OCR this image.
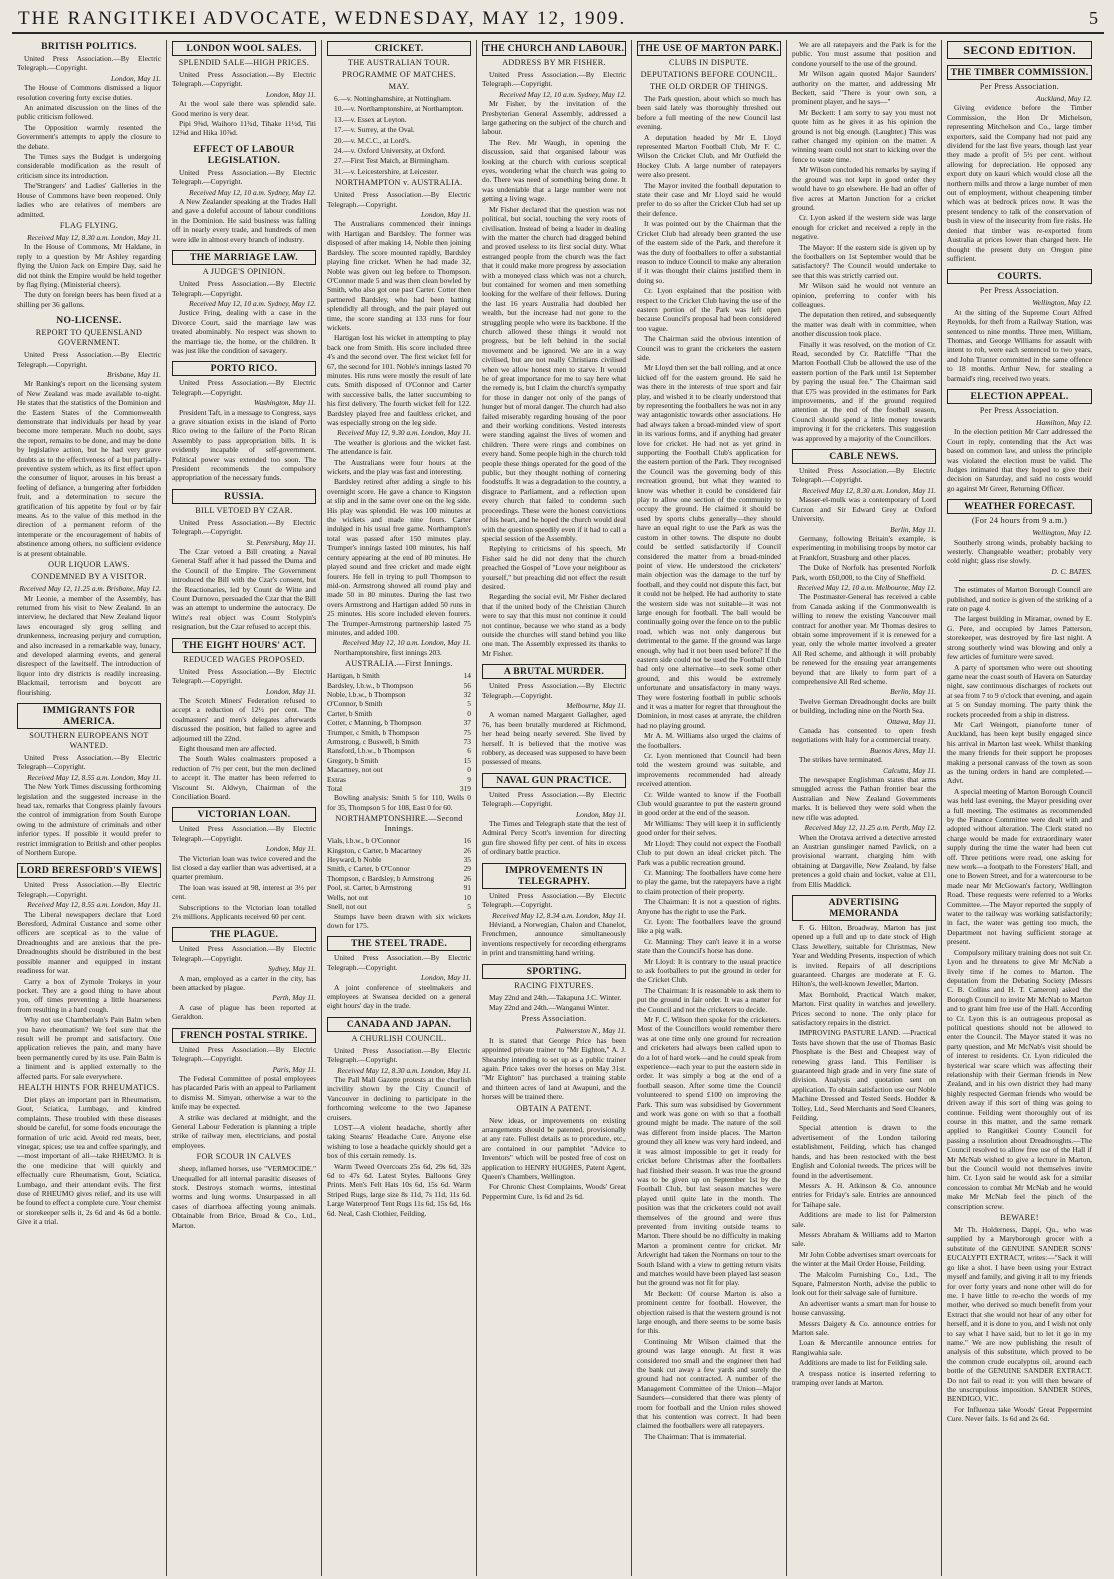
THE RANGITIKEI ADVOCATE, WEDNESDAY, MAY 12, 1909.	5
BRITISH POLITICS.

United Press Association.—By Electric Telegraph.—Copyright.

London, May 11.

The House of Commons dismissed a liquor resolution covering forty excise duties.

An animated discussion on the lines of the public criticism followed.

The Opposition warmly resented the Government's attempts to apply the closure to the debate.

The Times says the Budget is undergoing considerable modification as the result of criticism since its introduction.

The'Strangers' and Ladies' Galleries in the House of Commons have been reopened. Only ladies who are relatives of members are admitted.

FLAG FLYING.
Received May 12, 8.30 a.m. London, May 11.

In the House of Commons, Mr Haldane, in reply to a question by Mr Ashley regarding flying the Union Jack on Empire Day, said he did not think the Empire would be held together by flag flying. (Ministerial cheers).

The duty on foreign beers has been fixed at a shilling per 36 gallons.

NO-LICENSE.
REPORT TO QUEENSLAND GOVERNMENT.

United Press Association.—By Electric Telegraph.—Copyright.

Brisbane, May 11.

Mr Ranking's report on the licensing system of New Zealand was made available to-night. He states that the statistics of the Dominion and the Eastern States of the Commonwealth demonstrate that individuals per head by year become more temperate. Much no doubt, says the report, remains to be done, and may be done by legislative action, but he had very grave doubts as to the effectiveness of a but partially-preventive system which, as its first effect upon the consumer of liquor, arouses in his breast a feeling of defiance, a hungering after forbidden fruit, and a determination to secure the gratification of his appetite by foul or by fair means. As to the value of this method in the direction of a permanent reform of the intemperate or the encouragement of habits of abstinence among others, no sufficient evidence is at present obtainable.

OUR LIQUOR LAWS.
CONDEMNED BY A VISITOR.
Received May 12, 11.25 a.m. Brisbane, May 12.

Mr Leonie, a member of the Assembly, has returned from his visit to New Zealand. In an interview, he declared that New Zealand liquor laws encouraged sly grog selling and drunkenness, increasing perjury and corruption, and also increased in a remarkable way, lunacy, and developed alarming events, and general disrespect of the lawitself. The introduction of liquor into dry districts is readily increasing. Blackmail, terrorism and boycott are flourishing.

IMMIGRANTS FOR AMERICA.
SOUTHERN EUROPEANS NOT WANTED.

United Press Association.—By Electric Telegraph—Copyright.

Received May 12, 8.55 a.m. London, May 11.

The New York Times discussing forthcoming legislation and the suggested increase in the head tax, remarks that Congress plainly favours the control of immigration from South Europe owing to the admixture of criminals and other inferior types. If possible it would prefer to restrict immigration to British and other peoples of Northern Europe.

LORD BERESFORD'S VIEWS

United Press Association.—By Electric Telegraph.—Copyright.

Received May 12, 8.55 a.m. London, May 11.

The Liberal newspapers declare that Lord Beresford, Admiral Custance and some other officers are sceptical as to the value of Dreadnoughts and are anxious that the pre-Dreadnoughts should be distributed in the best possible manner and equipped in instant readiness for war.

Carry a box of Zymole Trokeys in your pocket. They are a good thing to have about you, off times preventing a little hoarseness from resulting in a hard cough.

Why not use Chamberlain's Pain Balm when you have rheumatism? We feel sure that the result will be prompt and satisfactory. One application relieves the pain, and many have been permanently cured by its use. Pain Balm is a liniment and is applied externally to the affected parts. For sale everywhere.

HEALTH HINTS FOR RHEUMATICS.

Diet plays an important part in Rheumatism, Gout, Sciatica, Lumbago, and kindred complaints. These troubled with these diseases should be careful, for some foods encourage the formation of uric acid. Avoid red meats, beer, vinegar, spices; use tea and coffee sparingly, and—most important of all—take RHEUMO. It is the one medicine that will quickly and effectually cure Rheumatism, Gout, Sciatica, Lumbago, and their attendant evils. The first dose of RHEUMO gives relief, and its use will be found to effect a complete cure. Your chemist or storekeeper sells it, 2s 6d and 4s 6d a bottle. Give it a trial.

LONDON WOOL SALES.
SPLENDID SALE—HIGH PRICES.

United Press Association.—By Electric Telegraph.—Copyright.

London, May 11.

At the wool sale there was splendid sale. Good merino is very dear.

Pipi 9⅜d, Waihoro 11¾d, Tihake 11½d, Titi 12⅜d and Hika 10⅞d.

EFFECT OF LABOUR LEGISLATION.

United Press Association.—By Electric Telegraph.—Copyright.

Received May 12, 10 a.m. Sydney, May 12.

A New Zealander speaking at the Trades Hall and gave a doleful account of labour conditions in the Dominion. He said business was falling off in nearly every trade, and hundreds of men were idle in almost every branch of industry.

THE MARRIAGE LAW.
A JUDGE'S OPINION.

United Press Association.—By Electric Telegraph.—Copyright.

Received May 12, 10 a.m. Sydney, May 12.

Justice Fring, dealing with a case in the Divorce Court, said the marriage law was treated abominably. No respect was shown to the marriage tie, the home, or the children. It was just like the condition of savagery.

PORTO RICO.

United Press Association.—By Electric Telegraph.—Copyright.

Washington, May 11.

President Taft, in a message to Congress, says a grave situation exists in the island of Porto Rico owing to the failure of the Porto Rican Assembly to pass appropriation bills. It is evidently incapable of self-government. Political power was extended too soon. The President recommends the compulsory appropriation of the necessary funds.

RUSSIA.
BILL VETOED BY CZAR.

United Press Association.—By Electric Telegraph.—Copyright.

St. Petersburg, May 11.

The Czar vetoed a Bill creating a Naval General Staff after it had passed the Duma and the Council of the Empire. The Government introduced the Bill with the Czar's consent, but the Reactionaries, led by Count de Witte and Count Durnovo, persuaded the Czar that the Bill was an attempt to undermine the autocracy. De Witte's real object was Count Stolypin's resignation, but the Czar refused to accept this.

THE EIGHT HOURS' ACT.
REDUCED WAGES PROPOSED.

United Press Association.—By Electric Telegraph.—Copyright.

London, May 11.

The Scotch Miners' Federation refused to accept a reduction of 12½ per cent. The coalmasters' and men's delegates afterwards discussed the position, but failed to agree and adjourned till the 22nd.

Eight thousand men are affected.

The South Wales coalmasters proposed a reduction of 7½ per cent, but the men declined to accept it. The matter has been referred to Viscount St. Aldwyn, Chairman of the Conciliation Board.

VICTORIAN LOAN.

United Press Association.—By Electric Telegraph.—Copyright.

London, May 11.

The Victorian loan was twice covered and the list closed a day earlier than was advertised, at a quarter premium.

The loan was issued at 98, interest at 3½ per cent.

Subscriptions to the Victorian loan totalled 2⅛ millions. Applicants received 60 per cent.

THE PLAGUE.

United Press Association.—By Electric Telegraph.—Copyright.

Sydney, May 11.

A man, employed as a carter in the city, has been attacked by plague.

Perth, May 11.

A case of plague has been reported at Geraldton.

FRENCH POSTAL STRIKE.

United Press Association.—By Electric Telegraph.—Copyright.

Paris, May 11.

The Federal Committee of postal employees has placarded Paris with an appeal to Parliament to dismiss M. Simyan, otherwise a war to the knife may be expected.

A strike was declared at midnight, and the General Labour Federation is planning a triple strike of railway men, electricians, and postal employees.

FOR SCOUR IN CALVES

sheep, inflamed horses, use "VERMOCIDE." Unequalled for all internal parasitic diseases of stock. Destroys stomach worms, intestinal worms and lung worms. Unsurpassed in all cases of diarrhoea affecting young animals. Obtainable from Brice, Broad & Co., Ltd., Marton.

CRICKET.
THE AUSTRALIAN TOUR.
PROGRAMME OF MATCHES.
MAY.

6.—v. Nottinghamshire, at Nottingham.

10.—v. Northamptonshire, at Northampton.

13.—v. Essex at Leyton.

17.—v. Surrey, at the Oval.

20.—v. M.C.C., at Lord's.

24.—v. Oxford University, at Oxford.

27.—First Test Match, at Birmingham.

31.—v. Leicestershire, at Leicester.

NORTHAMPTON v. AUSTRALIA.

United Press Association.—By Electric Telegraph.—Copyright.

London, May 11.

The Australians commenced their innings with Hartigan and Bardsley. The former was disposed of after making 14, Noble then joining Bardsley. The score mounted rapidly, Bardsley playing fine cricket. When he had made 32, Noble was given out leg before to Thompson. O'Connor made 5 and was then clean bowled by Smith, who also got one past Carter. Cotter then partnered Bardsley, who had been batting splendidly all through, and the pair played out time, the score standing at 133 runs for four wickets.

Hartigan lost his wicket in attempting to play back one from Smith. His score included three 4's and the second over. The first wicket fell for 67, the second for 101. Noble's innings lasted 70 minutes. His runs were mostly the result of late cuts. Smith disposed of O'Connor and Carter with successive balls, the latter succumbing to his first delivery. The fourth wicket fell for 122. Bardsley played free and faultless cricket, and was especially strong on the leg side.

Received May 12, 9.30 a.m. London, May 11.

The weather is glorious and the wicket fast. The attendance is fair.

The Australians were four hours at the wickets, and the play was fast and interesting.

Bardsley retired after adding a single to his overnight score. He gave a chance to Kingston at slip and in the same over one on the leg side. His play was splendid. He was 100 minutes at the wickets and made nine fours. Carter indulged in his usual free game. Northampton's total was passed after 150 minutes play. Trumper's innings lasted 100 minutes, his half century appearing at the end of 80 minutes. He played sound and free cricket and made eight fourers. He fell in trying to pull Thompson to mid-on. Armstrong showed all round play and made 50 in 80 minutes. During the last two overs Armstrong and Hartigan added 50 runs in 25 minutes. His score included eleven fourers. The Trumper-Armstrong partnership lasted 75 minutes, and added 100.

Received May 12, 10 a.m. London, May 11.

Northamptonshire, first innings 203.

AUSTRALIA.—First Innings.
Hartigan, b Smith	14
Bardsley, l.b.w., b Thompson	56
Noble, l.b.w., b Thompson	32
O'Connor, b Smith	5
Carter, b Smith	0
Cotter, c Manning, b Thompson	37
Trumper, c Smith, b Thompson	75
Armstrong, c Buswell, b Smith	73
Ransford, l.b.w., b Thompson	6
Gregory, b Smith	15
Macartney, not out	0
Extras	9
Total	319

Bowling analysis: Smith 5 for 110, Wells 0 for 35, Thompson 5 for 108, East 0 for 60.

NORTHAMPTONSHIRE.—Second Innings.
Vials, l.b.w., b O'Connor	16
Kingston, c Carter, b Macartney	26
Heyward, b Noble	35
Smith, c Carter, b O'Connor	29
Thompson, c Bardsley, b Armstrong	26
Pool, st. Carter, b Armstrong	91
Wells, not out	10
Snell, not out	5

Stumps have been drawn with six wickets down for 175.

THE STEEL TRADE.

United Press Association.—By Electric Telegraph.—Copyright.

London, May 11.

A joint conference of steelmakers and employees at Swansea decided on a general eight hours' day in the trade.

CANADA AND JAPAN.
A CHURLISH COUNCIL.

United Press Association.—By Electric Telegraph.—Copyright.

Received May 12, 8.30 a.m. London, May 11.

The Pall Mall Gazette protests at the churlish incivility shown by the City Council of Vancouver in declining to participate in the forthcoming welcome to the two Japanese cruisers.

LOST—A violent headache, shortly after taking Stearns' Headache Cure. Anyone else wishing to lose a headache quickly should get a box of this certain remedy. 1s.

Warm Tweed Overcoats 25s 6d, 29s 6d, 32s 6d to 47s 6d. Latest Styles. Balloons Grey Prints. Men's Felt Hats 10s 6d, 15s 6d. Warm Striped Rugs, large size 8s 11d, 7s 11d, 11s 6d. Large Waterproof Tent Rugs 11s 6d, 15s 6d, 16s 6d. Neal, Cash Clothier, Feilding.

THE CHURCH AND LABOUR.
ADDRESS BY MR FISHER.

United Press Association.—By Electric Telegraph.—Copyright.

Received May 12, 10 a.m. Sydney, May 12.

Mr Fisher, by the invitation of the Presbyterian General Assembly, addressed a large gathering on the subject of the church and labour.

The Rev. Mr Waugh, in opening the discussion, said that organised labour was looking at the church with curious sceptical eyes, wondering what the church was going to do. There was need of something being done. It was undeniable that a large number were not getting a living wage.

Mr Fisher declared that the question was not political, but social, touching the very roots of civilisation. Instead of being a leader in dealing with the matter the church had dragged behind and proved useless to its first social duty. What estranged people from the church was the fact that it could make more progress by association with a moneyed class which was not a church, but contained for women and men something looking for the welfare of their fellows. During the last 16 years Australia had doubled her wealth, but the increase had not gone to the struggling people who were its backbone. If the church allowed these things it would not progress, but be left behind in the social movement and be ignored. We are in a way civilised, but are not really Christians civilised when we allow honest men to starve. It would be of great importance for me to say here what the remedy is, but I claim the church's sympathy for those in danger not only of the pangs of hunger but of moral danger. The church had also failed miserably regarding housing of the poor and their working conditions. Vested interests were standing against the lives of women and children. There were rings and combines on every hand. Some people high in the church told people these things operated for the good of the public, but they thought nothing of cornering foodstuffs. It was a degradation to the country, a disgrace to Parliament, and a reflection upon every church that failed to condemn such proceedings. These were the honest convictions of his heart, and he hoped the church would deal with the question speedily even if it had to call a special session of the Assembly.

Replying to criticisms of his speech, Mr Fisher said he did not deny that the church preached the Gospel of "Love your neighbour as yourself," but preaching did not effect the result desired.

Regarding the social evil, Mr Fisher declared that if the united body of the Christian Church were to say that this must not continue it could not continue, because we who stand as a body outside the churches will stand behind you like one man. The Assembly expressed its thanks to Mr Fisher.

A BRUTAL MURDER.

United Press Association.—By Electric Telegraph.—Copyright.

Melbourne, May 11.

A woman named Margaret Gallagher, aged 76, has been brutally murdered at Richmond, her head being nearly severed. She lived by herself. It is believed that the motive was robbery, as deceased was supposed to have been possessed of means.

NAVAL GUN PRACTICE.

United Press Association.—By Electric Telegraph.—Copyright.

London, May 11.

The Times and Telegraph state that the test of Admiral Percy Scott's invention for directing gun fire showed fifty per cent. of hits in excess of ordinary battle practice.

IMPROVEMENTS IN TELEGRAPHY.

United Press Association.—By Electric Telegraph.—Copyright.

Received May 12, 8.34 a.m. London, May 11.

Héviand, a Norwegian, Chalon and Chanelot, Frenchmen, announce simultaneously inventions respectively for recording ethergrams in print and transmitting hand writing.

SPORTING.
RACING FIXTURES.

May 22nd and 24th.—Takapuna J.C. Winter.

May 22nd and 24th.—Wanganui Winter.

Press Association.
Palmerston N., May 11.

It is stated that George Price has been appointed private trainer to "Mr Eighton," A. J. Shearsby intending to set up as a public trainer again. Price takes over the horses on May 31st. "Mr Eighton" has purchased a training stable and thirteen acres of land at Awapuni, and the horses will be trained there.

OBTAIN A PATENT.

New ideas, or improvements on existing arrangements should be patented, provisionally at any rate. Fullest details as to procedure, etc., are contained in our pamphlet "Advice to Inventors" which will be posted free of cost on application to HENRY HUGHES, Patent Agent, Queen's Chambers, Wellington.

For Chronic Chest Complaints, Woods' Great Peppermint Cure, 1s 6d and 2s 6d.

THE USE OF MARTON PARK.
CLUBS IN DISPUTE.
DEPUTATIONS BEFORE COUNCIL.
THE OLD ORDER OF THINGS.

The Park question, about which so much has been said lately was thoroughly threshed out before a full meeting of the new Council last evening.

A deputation headed by Mr E. Lloyd represented Marton Football Club, Mr F. C. Wilson the Cricket Club, and Mr Outfield the Hockey Club. A large number of ratepayers were also present.

The Mayor invited the football deputation to state their case and Mr Lloyd said he would prefer to do so after the Cricket Club had set up their defence.

It was pointed out by the Chairman that the Cricket Club had already been granted the use of the eastern side of the Park, and therefore it was the duty of footballers to offer a substantial reason to induce Council to make any alteration if it was thought their claims justified them in doing so.

Cr. Lyon explained that the position with respect to the Cricket Club having the use of the eastern portion of the Park was left open because Council's proposal had been considered too vague.

The Chairman said the obvious intention of Council was to grant the cricketers the eastern side.

Mr Lloyd then set the ball rolling, and at once kicked off for the eastern ground. He said he was there in the interests of true sport and fair play, and wished it to be clearly understood that by representing the footballers he was not in any way antagonistic towards other associations. He had always taken a broad-minded view of sport in its various forms, and if anything had greater love for cricket. He had not as yet grind in supporting the Football Club's application for the eastern portion of the Park. They recognised the Council was the governing body of this recreation ground, but what they wanted to know was whether it could be considered fair play to allow one section of the community to occupy the ground. He claimed it should be used by sports clubs generally—they should have an equal right to use the Park as was the custom in other towns. The dispute no doubt could be settled satisfactorily if Council considered the matter from a broad-minded point of view. He understood the cricketers' main objection was the damage to the turf by football, and they could not dispute this fact, but it could not be helped. He had authority to state the western side was not suitable—it was not large enough for football. The ball would be continually going over the fence on to the public road, which was not only dangerous but detrimental to the game. If the ground was large enough, why had it not been used before? If the eastern side could not be used the Football Club had only one alternative—to seek some other ground, and this would be extremely unfortunate and unsatisfactory in many ways. They were fostering football in public schools and it was a matter for regret that throughout the Dominion, in most cases at anyrate, the children had no playing ground.

Mr A. M. Williams also urged the claims of the footballers.

Cr. Lyon mentioned that Council had been told the western ground was suitable, and improvements recommended had already received attention.

Cr. Wilde wanted to know if the Football Club would guarantee to put the eastern ground in good order at the end of the season.

Mr Williams: They will keep it in sufficiently good order for their selves.

Mr Lloyd: They could not expect the Football Club to put down an ideal cricket pitch. The Park was a public recreation ground.

Cr. Manning: The footballers have come here to play the game, but the ratepayers have a right to claim protection of their property.

The Chairman: It is not a question of rights. Anyone has the right to use the Park.

Cr. Lyon: The footballers leave the ground like a pig walk.

Cr. Manning: They can't leave it in a worse state than the Council's horse has done.

Mr Lloyd: It is contrary to the usual practice to ask footballers to put the ground in order for the Cricket Club.

The Chairman: It is reasonable to ask them to put the ground in fair order. It was a matter for the Council and not the cricketers to decide.

Mr F. C. Wilson then spoke for the cricketers. Most of the Councillors would remember there was at one time only one ground for recreation and cricketers had always been called upon to do a lot of hard work—and he could speak from experience—each year to put the eastern side in order. It was simply a bog at the end of a football season. After some time the Council volunteered to spend £100 on improving the Park. This sum was subsidised by Government and work was gone on with so that a football ground might be made. The nature of the soil was different from inside places. The Marton ground they all knew was very hard indeed, and it was almost impossible to get it ready for cricket before Christmas after the footballers had finished their season. It was true the ground was to be given up on September 1st by the Football Club, but last season matches were played until quite late in the month. The position was that the cricketers could not avail themselves of the ground and were thus prevented from inviting outside teams to Marton. There should be no difficulty in making Marton a prominent centre for cricket. Mr Arkwright had taken the Normans on tour to the South Island with a view to getting return visits and matches would have been played last season but the ground was not fit for play.

Mr Beckett: Of course Marton is also a prominent centre for football. However, the objection raised is that the western ground is not large enough, and there seems to be some basis for this.

Continuing Mr Wilson claimed that the ground was large enough. At first it was considered too small and the engineer then had the bank cut away a few yards and surely the ground had not contracted. A number of the Management Committee of the Union—Major Saunders—considered that there was plenty of room for football and the Union rules showed that his contention was correct. It had been claimed the footballers were all ratepayers.

The Chairman: That is immaterial.

We are all ratepayers and the Park is for the public. You must assume that position and condone yourself to the use of the ground.

Mr Wilson again quoted Major Saunders' authority on the matter, and addressing Mr Beckett, said "There is your own son, a prominent player, and he says—"

Mr Beckett: I am sorry to say you must not quote him as he gives it as his opinion the ground is not big enough. (Laughter.) This was rather changed my opinion on the matter. A winning team could not start to kicking over the fence to waste time.

Mr Wilson concluded his remarks by saying if the ground was not kept in good order they would have to go elsewhere. He had an offer of five acres at Marton Junction for a cricket ground.

Cr. Lyon asked if the western side was large enough for cricket and received a reply in the negative.

The Mayor: If the eastern side is given up by the footballers on 1st September would that be satisfactory? The Council would undertake to see that this was strictly carried out.

Mr Wilson said he would not venture an opinion, preferring to confer with his colleagues.

The deputation then retired, and subsequently the matter was dealt with in committee, when another discussion took place.

Finally it was resolved, on the motion of Cr. Read, seconded by Cr. Ratcliffe "That the Marton Football Club be allowed the use of the eastern portion of the Park until 1st September by paying the usual fee." The Chairman said that £75 was provided in the estimates for Park improvements, and if the ground required attention at the end of the football season, Council should spend a little money towards improving it for the cricketers. This suggestion was approved by a majority of the Councillors.

CABLE NEWS.

United Press Association.—By Electric Telegraph.—Copyright.

Received May 12, 8.30 a.m. London, May 11.

Masser-el-mulk was a contemporary of Lord Curzon and Sir Edward Grey at Oxford University.

Berlin, May 11.

Germany, following Britain's example, is experimenting in mobilising troops by motor car at Frankfort, Strasburg and other places.

The Duke of Norfolk has presented Norfolk Park, worth £60,000, to the City of Sheffield.

Received May 12, 10 a.m. Melbourne, May 12.

The Postmaster-General has received a cable from Canada asking if the Commonwealth is willing to renew the existing Vancouver mail contract for another year. Mr Thomas desires to obtain some improvement if it is renewed for a year, only the whole matter involved a greater All Red scheme, and although it will probably be renewed for the ensuing year arrangements beyond that are likely to form part of a comprehensive All Red scheme.

Berlin, May 11.

Twelve German Dreadnought docks are built or building, including nine on the North Sea.

Ottawa, May 11.

Canada has consented to open fresh negotiations with Italy for a commercial treaty.

Buenos Aires, May 11.

The strikes have terminated.

Calcutta, May 11.

The newspaper Englishman states that arms smuggled across the Pathan frontier bear the Australian and New Zealand Governments marks. It is believed they were sold when the new rifle was adopted.

Received May 12, 11.25 a.m. Perth, May 12.

When the Orotava arrived a detective arrested an Austrian gunslinger named Pavlick, on a provisional warrant, charging him with obtaining at Dargaville, New Zealand, by false pretences a gold chain and locket, value at £11, from Ellis Maddick.

ADVERTISING MEMORANDA

F. G. Hilton, Broadway, Marton has just opened up a full and up to date stock of High Class Jewellery, suitable for Christmas, New Year and Wedding Presents, inspection of which is invited. Repairs of all descriptions guaranteed. Charges are moderate at F. G. Hilton's, the well-known Jeweller, Marton.

Max Bornhold, Practical Watch maker, Marton. First quality in watches and jewellery. Prices second to none. The only place for satisfactory repairs in the district.

IMPROVING PASTURE LAND. —Practical Tests have shown that the use of Thomas Basic Phosphate is the Best and Cheapest way of renewing grass land. This Fertiliser is guaranteed high grade and in very fine state of division. Analysis and quotation sent on application. To obtain satisfaction use our Noble Machine Dressed and Tested Seeds. Hodder & Tolley, Ltd., Seed Merchants and Seed Cleaners, Feilding.

Special attention is drawn to the advertisement of the London tailoring establishment, Feilding, which has changed hands, and has been restocked with the best English and Colonial tweeds. The prices will be found in the advertisement.

Messrs A. H. Atkinson & Co. announce entries for Friday's sale. Entries are announced for Taihape sale.

Additions are made to list for Palmerston sale.

Messrs Abraham & Williams add to Marton sale.

Mr John Cobbe advertises smart overcoats for the winter at the Mail Order House, Feilding.

The Malcolm Furnishing Co., Ltd., The Square, Palmerston North, advise the public to look out for their salvage sale of furniture.

An advertiser wants a smart man for house to house canvassing.

Messrs Daigety & Co. announce entries for Marton sale.

Loan & Mercantile announce entries for Rangiwahia sale.

Additions are made to list for Feilding sale.

A trespass notice is inserted referring to tramping over lands at Marton.

SECOND EDITION.
THE TIMBER COMMISSION.
Per Press Association.
Auckland, May 12.

Giving evidence before the Timber Commission, the Hon Dr Michelson, representing Mitchelson and Co., large timber exporters, said the Company had not paid any dividend for the last five years, though last year they made a profit of 5½ per cent. without allowing for depreciation. He opposed any export duty on kauri which would close all the northern mills and throw a large number of men out of employment, without cheapening timber which was at bedrock prices now. It was the present tendency to talk of the conservation of bush in view of the insecurity from fire risks. He denied that timber was re-exported from Australia at prices lower than charged here. He thought the present duty on Oregon pine sufficient.

COURTS.
Per Press Association.
Wellington, May 12.

At the sitting of the Supreme Court Alfred Reynolds, for theft from a Railway Station, was sentenced to nine months. Three men, William, Thomas, and George Williams for assault with intent to rob, were each sentenced to two years, and John Tranter committed in the same offence to 18 months. Arthur New, for stealing a barmaid's ring, received two years.

ELECTION APPEAL.
Per Press Association.
Hamilton, May 12.

In the election petition Mr Carr addressed the Court in reply, contending that the Act was based on common law, and unless the principle was violated the election must be valid. The Judges intimated that they hoped to give their decision on Saturday, and said no costs would go against Mr Greer, Returning Officer.

WEATHER FORECAST.
(For 24 hours from 9 a.m.)
Wellington, May 12.

Southerly strong winds, probably backing to westerly. Changeable weather; probably very cold night; glass rise slowly.

D. C. BATES.

The estimates of Marton Borough Council are published, and notice is given of the striking of a rate on page 4.

The largest building in Miramar, owned by E. G. Pere, and occupied by James Patterson, storekeeper, was destroyed by fire last night. A strong southerly wind was blowing and only a few articles of furniture were saved.

A party of sportsmen who were out shooting game near the coast south of Havera on Saturday night, saw continuous discharges of rockets out at sea from 7 to 9 o'clock that evening, and again at 5 on Sunday morning. The party think the rockets proceeded from a ship in distress.

Mr Carl Weingott, pianoforte tuner of Auckland, has been kept busily engaged since his arrival in Marton last week. Whilst thanking the many friends for their support he proposes making a personal canvass of the town as soon as the tuning orders in hand are completed.—Advt.

A special meeting of Marton Borough Council was held last evening, the Mayor presiding over a full meeting. The estimates as recommended by the Finance Committee were dealt with and adopted without alteration. The Clerk stated no charge would be made for extraordinary water supply during the time the water had been cut off. Three petitions were read, one asking for new work—a footpath to the Foresters' Hall, and one to Bowen Street, and for a watercourse to be made near Mr McGowan's factory, Wellington Road. These requests were referred to a Works Committee.—The Mayor reported the supply of water to the railway was working satisfactorily; in fact, the water was getting too much, the Department not having sufficient storage at present.

Compulsory military training does not suit Cr. Lyon and he threatens to give Mr McNab a lively time if he comes to Marton. The deputation from the Debating Society (Messrs C. B. Collins and H. T. Cameron) asked the Borough Council to invite Mr McNab to Marton and to grant him free use of the Hall. According to Cr. Lyon this is an outrageous proposal as political questions should not be allowed to enter the Council. The Mayor stated it was no party question, and Mr McNab's visit should be of interest to residents. Cr. Lyon ridiculed the hysterical war scare which was affecting their relationship with their German friends in New Zealand, and in his own district they had many highly respected German friends who would be driven away if this sort of thing was going to continue. Feilding went thoroughly out of its course in this matter, and the same remark applied to Rangitikei County Council for passing a resolution about Dreadnoughts.—The Council resolved to allow free use of the Hall if Mr McNab wished to give a lecture in Marton, but the Council would not themselves invite him. Cr. Lyon said he would ask for a similar concession to combat Mr McNab and he would make Mr McNab feel the pinch of the conscription screw.

BEWARE!

Mr Th. Holderness, Dappi, Qu., who was supplied by a Maryborough grocer with a substitute of the GENUINE SANDER SONS' EUCALYPTI EXTRACT, writes:—"Sack it will go like a shot. I have been using your Extract myself and family, and giving it all to my friends for over forty years and none other will do for me. I have little to re-echo the words of my mother, who derived so much benefit from your Extract that she would not hear of any other for herself, and it is done to you, and I wish not only to say what I have said, but to let it go in my name." We are now publishing the result of analysis of this substitute, which proved to be the common crude eucalyptus oil, around each bottle of the GENUINE SANDER EXTRACT. Do not fail to read it: you will then beware of the unscrupulous imposition. SANDER SONS, BENDIGO, VIC.

For Influenza take Woods' Great Peppermint Cure. Never fails. 1s 6d and 2s 6d.
